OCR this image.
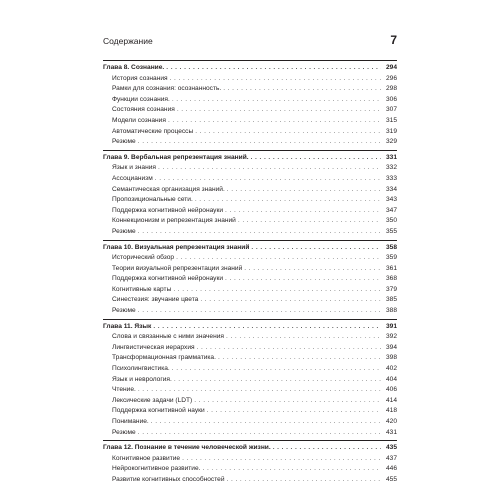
Содержание	7
Глава 8. Сознание. . . .	294
История сознания . . .	296
Рамки для сознания: осознанность. . . .	298
Функции сознания. . . .	306
Состояния сознания . . .	307
Модели сознания . . .	315
Автоматические процессы . . .	319
Резюме . . .	329
Глава 9. Вербальная репрезентация знаний. . . .	331
Язык и знания . . .	332
Ассоцианизм . . .	333
Семантическая организация знаний. . . .	334
Пропозициональные сети. . . .	343
Поддержка когнитивной нейронауки . . .	347
Коннекционизм и репрезентация знаний . . .	350
Резюме . . .	355
Глава 10. Визуальная репрезентация знаний . . .	358
Исторический обзор . . .	359
Теории визуальной репрезентации знаний . . .	361
Поддержка когнитивной нейронауки . . .	368
Когнитивные карты . . .	379
Синестезия: звучание цвета . . .	385
Резюме . . .	388
Глава 11. Язык . . .	391
Слова и связанные с ними значения . . .	392
Лингвистическая иерархия . . .	394
Трансформационная грамматика. . . .	398
Психолингвистика. . . .	402
Язык и неврология. . . .	404
Чтение. . . .	406
Лексические задачи (LDT) . . .	414
Поддержка когнитивной науки . . .	418
Понимание. . . .	420
Резюме . . .	431
Глава 12. Познание в течение человеческой жизни. . . .	435
Когнитивное развитие . . .	437
Нейрокогнитивное развитие. . . .	446
Развитие когнитивных способностей . . .	455
